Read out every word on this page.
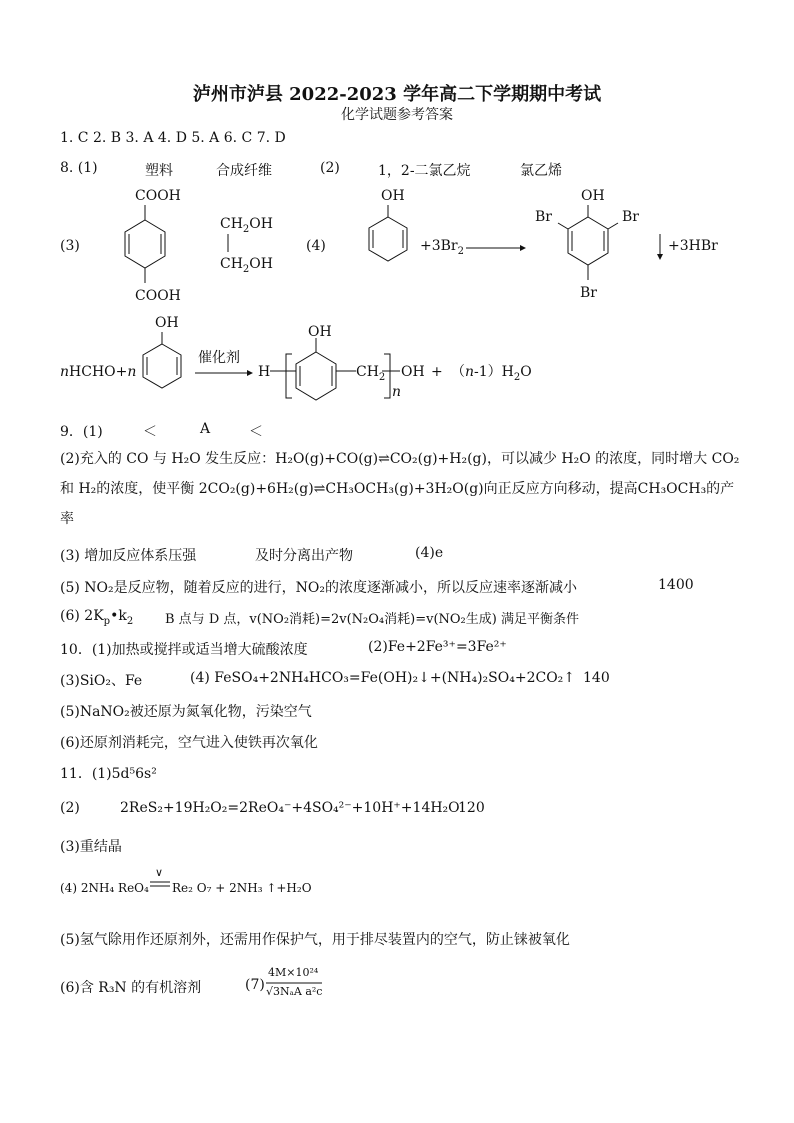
泸州市泸县 2022-2023 学年高二下学期期中考试
化学试题参考答案
1. C 2. B 3. A 4. D 5. A 6. C 7. D
8. (1)	塑料	合成纤维	(2)	1，2-二氯乙烷	氯乙烯
(3)
COOH
COOH
$CH_2OH$
$CH_2OH$
(4)
OH
$+3Br_2$
OH
Br	Br
Br
+3HBr
nHCHO+n
OH
催化剂
H
OH
$CH_2$
n
OH + $(n-1)H_2O$
9．(1)	＜	A	＜
(2)充入的 CO 与 H₂O 发生反应：H₂O(g)+CO(g)⇌CO₂(g)+H₂(g)，可以减少 H₂O 的浓度，同时增大 CO₂和 H₂的浓度，使平衡 2CO₂(g)+6H₂(g)⇌CH₃OCH₃(g)+3H₂O(g)向正反应方向移动，提高CH₃OCH₃的产率
(3) 增加反应体系压强	及时分离出产物	(4)e
(5) NO₂是反应物，随着反应的进行，NO₂的浓度逐渐减小，所以反应速率逐渐减小	1400
(6) $2K_p•k_2$ B 点与 D 点，v(NO₂消耗)=2v(N₂O₄消耗)=v(NO₂生成) 满足平衡条件
10．(1)加热或搅拌或适当增大硫酸浓度	(2)Fe+2Fe³⁺=3Fe²⁺
(3)SiO₂、Fe	(4) FeSO₄+2NH₄HCO₃=Fe(OH)₂↓+(NH₄)₂SO₄+2CO₂↑ 140
(5)NaNO₂被还原为氮氧化物，污染空气
(6)还原剂消耗完，空气进入使铁再次氧化
11．(1)5d⁵6s²
(2)	2ReS₂+19H₂O₂=2ReO₄⁻+4SO₄²⁻+10H⁺+14H₂O
120
(3)重结晶
(4) 2NH₄ ReO₄
∨
Re₂ O₇ + 2NH₃ ↑+H₂O
(5)氢气除用作还原剂外，还需用作保护气，用于排尽装置内的空气，防止铼被氧化
(6)含 R₃N 的有机溶剂	(7)
4M×10²⁴
√3NₐA a²c
